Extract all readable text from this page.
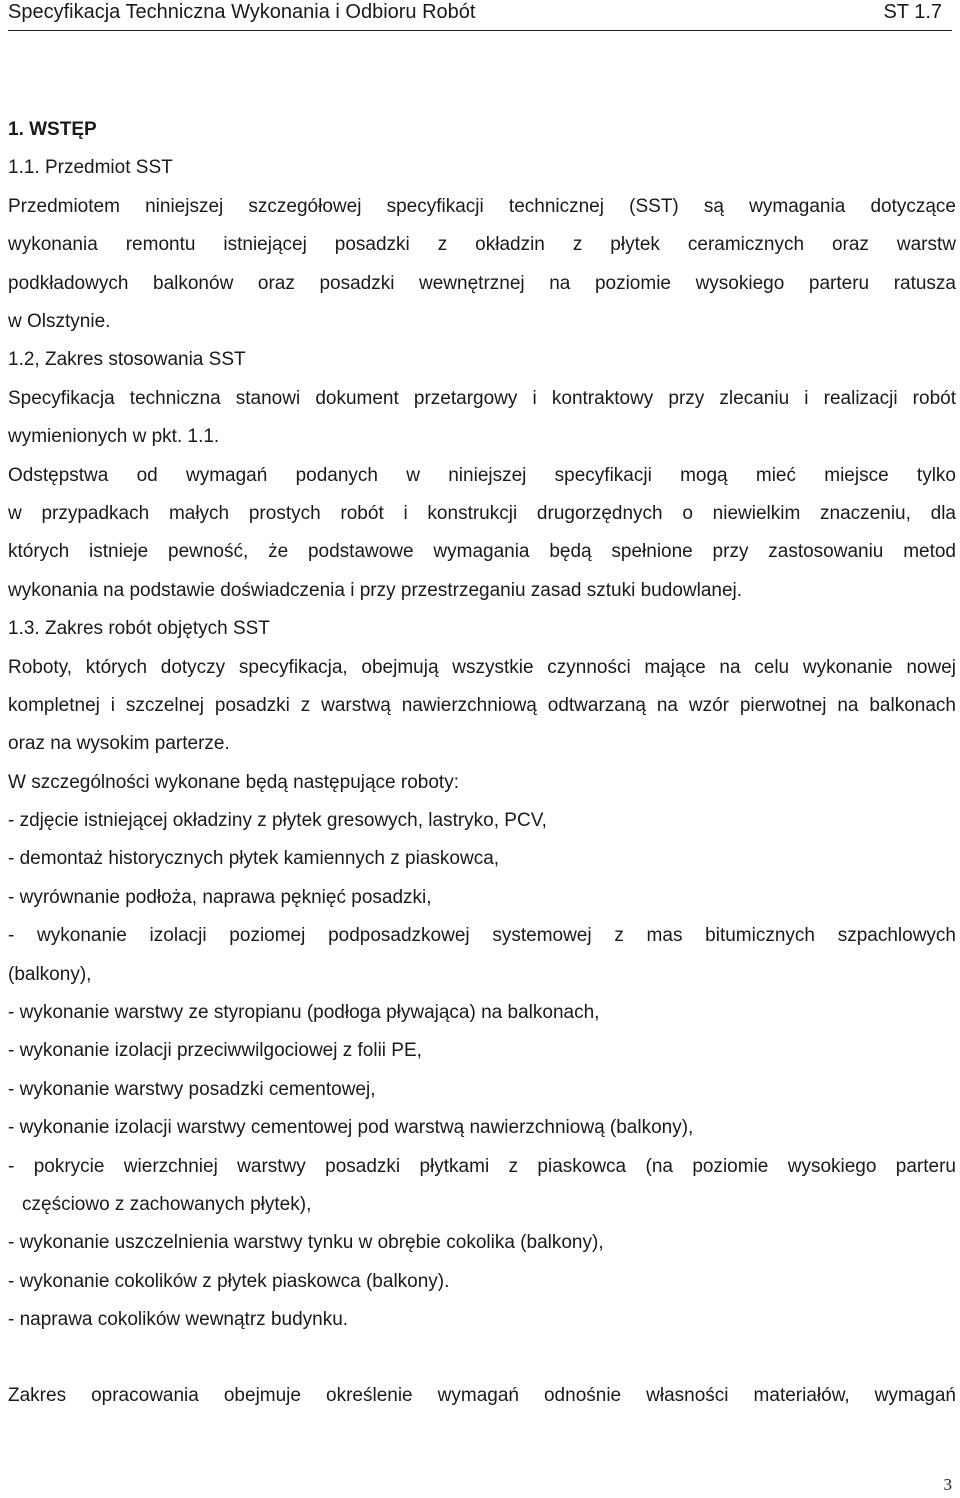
Specyfikacja Techniczna Wykonania i Odbioru Robót	ST 1.7
1. WSTĘP
1.1. Przedmiot SST
Przedmiotem niniejszej szczegółowej specyfikacji technicznej (SST) są wymagania dotyczące
wykonania remontu istniejącej posadzki z okładzin z płytek ceramicznych oraz warstw
podkładowych balkonów oraz posadzki wewnętrznej na poziomie wysokiego parteru ratusza
w Olsztynie.
1.2, Zakres stosowania SST
Specyfikacja techniczna stanowi dokument przetargowy i kontraktowy przy zlecaniu i realizacji robót
wymienionych w pkt. 1.1.
Odstępstwa od wymagań podanych w niniejszej specyfikacji mogą mieć miejsce tylko
w przypadkach małych prostych robót i konstrukcji drugorzędnych o niewielkim znaczeniu, dla
których istnieje pewność, że podstawowe wymagania będą spełnione przy zastosowaniu metod
wykonania na podstawie doświadczenia i przy przestrzeganiu zasad sztuki budowlanej.
1.3. Zakres robót objętych SST
Roboty, których dotyczy specyfikacja, obejmują wszystkie czynności mające na celu wykonanie nowej
kompletnej i szczelnej posadzki z warstwą nawierzchniową odtwarzaną na wzór pierwotnej na balkonach
oraz na wysokim parterze.
W szczególności wykonane będą następujące roboty:
- zdjęcie istniejącej okładziny z płytek gresowych, lastryko, PCV,
- demontaż historycznych płytek kamiennych z piaskowca,
- wyrównanie podłoża, naprawa pęknięć posadzki,
- wykonanie izolacji poziomej podposadzkowej systemowej z mas bitumicznych szpachlowych
(balkony),
- wykonanie warstwy ze styropianu (podłoga pływająca) na balkonach,
- wykonanie izolacji przeciwwilgociowej z folii PE,
- wykonanie warstwy posadzki cementowej,
- wykonanie izolacji warstwy cementowej pod warstwą nawierzchniową (balkony),
- pokrycie wierzchniej warstwy posadzki płytkami z piaskowca (na poziomie wysokiego parteru
częściowo z zachowanych płytek),
- wykonanie uszczelnienia warstwy tynku w obrębie cokolika (balkony),
- wykonanie cokolików z płytek piaskowca (balkony).
- naprawa cokolików wewnątrz budynku.
Zakres opracowania obejmuje określenie wymagań odnośnie własności materiałów, wymagań
3
